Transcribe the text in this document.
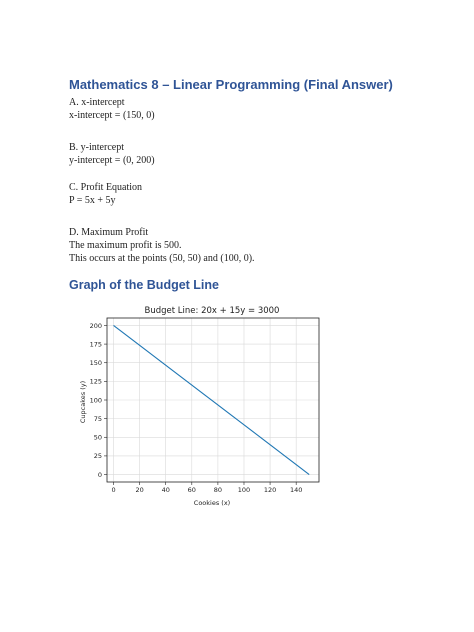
Mathematics 8 – Linear Programming (Final Answer)

A. x-intercept

x-intercept = (150, 0)

B. y-intercept

y-intercept = (0, 200)

C. Profit Equation

P = 5x + 5y

D. Maximum Profit

The maximum profit is 500.

This occurs at the points (50, 50) and (100, 0).

Graph of the Budget Line
Budget Line: 20x + 15y = 3000
0	20	40	60	80 100 120 140
0
25
50
75
100
125
150
175
200
Cookies (x)
Cupcakes (y)
